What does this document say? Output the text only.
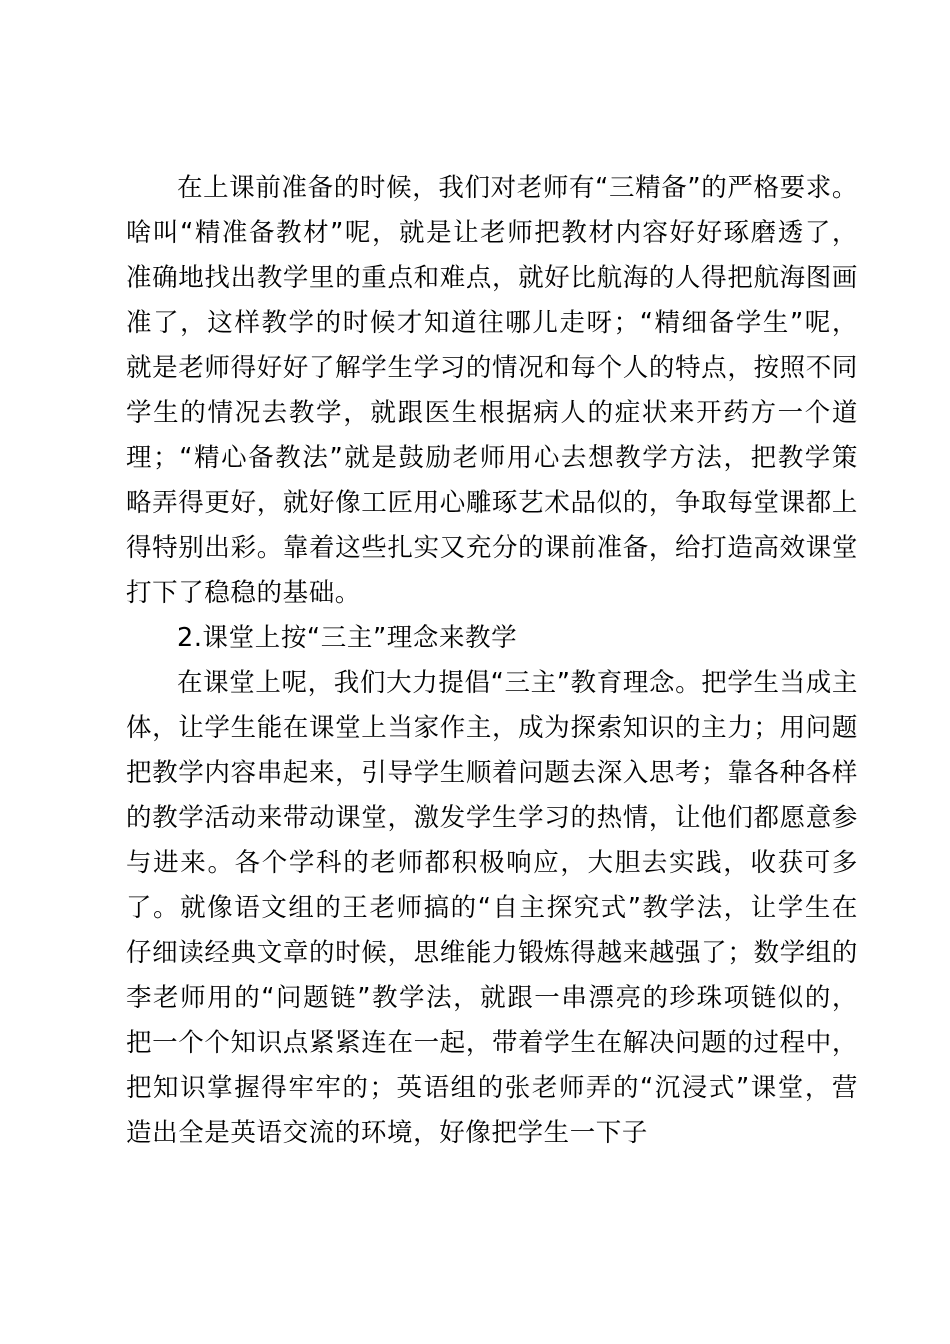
在上课前准备的时候，我们对老师有“三精备”的严格要求。啥叫“精准备教材”呢，就是让老师把教材内容好好琢磨透了，准确地找出教学里的重点和难点，就好比航海的人得把航海图画准了，这样教学的时候才知道往哪儿走呀；“精细备学生”呢，就是老师得好好了解学生学习的情况和每个人的特点，按照不同学生的情况去教学，就跟医生根据病人的症状来开药方一个道理；“精心备教法”就是鼓励老师用心去想教学方法，把教学策略弄得更好，就好像工匠用心雕琢艺术品似的，争取每堂课都上得特别出彩。靠着这些扎实又充分的课前准备，给打造高效课堂打下了稳稳的基础。

2.课堂上按“三主”理念来教学

在课堂上呢，我们大力提倡“三主”教育理念。把学生当成主体，让学生能在课堂上当家作主，成为探索知识的主力；用问题把教学内容串起来，引导学生顺着问题去深入思考；靠各种各样的教学活动来带动课堂，激发学生学习的热情，让他们都愿意参与进来。各个学科的老师都积极响应，大胆去实践，收获可多了。就像语文组的王老师搞的“自主探究式”教学法，让学生在仔细读经典文章的时候，思维能力锻炼得越来越强了；数学组的李老师用的“问题链”教学法，就跟一串漂亮的珍珠项链似的，把一个个知识点紧紧连在一起，带着学生在解决问题的过程中，把知识掌握得牢牢的；英语组的张老师弄的“沉浸式”课堂，营造出全是英语交流的环境，好像把学生一下子
